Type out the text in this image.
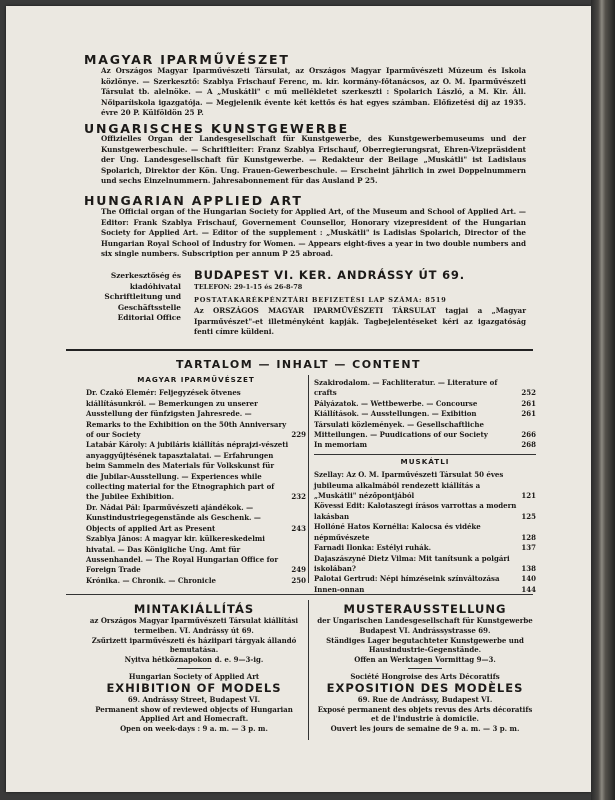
MAGYAR IPARMŰVÉSZET
Az Országos Magyar Iparművészeti Társulat, az Országos Magyar Iparművészeti Múzeum és Iskola közlönye. — Szerkesztő: Szablya Frischauf Ferenc, m. kir. kormány-főtanácsos, az O. M. Iparművészeti Társulat tb. alelnöke. — A „Muskátli" c mű mellékletet szerkeszti : Spolarich László, a M. Kir. Áll. Nőiparíiskola igazgatója. — Megjelenik évente két kettős és hat egyes számban. Előfizetési díj az 1935. évre 20 P. Külföldön 25 P.
UNGARISCHES KUNSTGEWERBE
Offizielles Organ der Landesgesellschaft für Kunstgewerbe, des Kunstgewerbemuseums und der Kunstgewerbeschule. — Schriftleiter: Franz Szablya Frischauf, Oberregierungsrat, Ehren-Vizepräsident der Ung. Landesgesellschaft für Kunstgewerbe. — Redakteur der Beilage „Muskátli" ist Ladislaus Spolarich, Direktor der Kön. Ung. Frauen-Gewerbeschule. — Erscheint jährlich in zwei Doppelnummern und sechs Einzelnummern. Jahresabonnement für das Ausland P 25.
HUNGARIAN APPLIED ART
The Official organ of the Hungarian Society for Applied Art, of the Museum and School of Applied Art. — Editor: Frank Szablya Frischauf, Governement Counsellor, Honorary vizepresident of the Hungarian Society for Applied Art. — Editor of the supplement : „Muskátli" is Ladislas Spolarich, Director of the Hungarian Royal School of Industry for Women. — Appears eight-fives a year in two double numbers and six single numbers. Subscription per annum P 25 abroad.
Szerkesztőség és kiadóhivatal
Schriftleitung und Geschäftsstelle
Editorial Office
BUDAPEST VI. KER. ANDRÁSSY ÚT 69.
TELEFON: 29-1-15 és 26-8-78
POSTATAKARÉKPÉNZTÁRI BEFIZETÉSI LAP SZÁMA: 8519
Az ORSZÁGOS MAGYAR IPARMŰVÉSZETI TÁRSULAT tagjai a „Magyar Iparművészet"-et illetményként kapják. Tagbejelentéseket kéri az igazgatóság fenti címre küldeni.
TARTALOM — INHALT — CONTENT
MAGYAR IPARMŰVÉSZET
Dr. Czakó Elemér: Feljegyzések ötvenes kiállításunkról. — Bemerkungen zu unserer Ausstellung der fünfzigsten Jahresrede. — Remarks to the Exhibition on the 50th Anniversary of our Society	229
Latabár Károly: A jubiláris kiállítás néprajzi-vészeti anyaggyűjtésének tapasztalatai. — Erfahrungen beim Sammeln des Materials für Volkskunst für die Jubilar-Ausstellung. — Experiences while collecting material for the Etnographich part of the Jubilee Exhibition.	232
Dr. Nádai Pál: Iparművészeti ajándékok. — Kunstindustriegegenstände als Geschenk. — Objects of applied Art as Present	243
Szablya János: A magyar kir. külkereskedelmi hivatal. — Das Königliche Ung. Amt für Aussenhandel. — The Royal Hungarian Office for Foreign Trade	249
Krónika. — Chronik. — Chronicle	250
Szakirodalom. — Fachliteratur. — Literature of crafts	252
Pályázatok. — Wettbewerbe. — Concourse	261
Kiállítások. — Ausstellungen. — Exibition	261
Társulati közlemények. — Gesellschaftliche Mitteilungen. — Puudications of our Society	266
In memoriam	268
MUSKÁTLI
Szellay: Az O. M. Iparművészeti Társulat 50 éves jubileuma alkalmából rendezett kiállítás a „Muskátli" nézőpontjából	121
Kövessi Edit: Kalotaszegi írásos varrottas a modern lakásban	125
Hollóné Hatos Kornélia: Kalocsa és vidéke népművészete	128
Farnadi Ilonka: Estélyi ruhák.	137
Dajaszászyné Dietz Vilma: Mit tanítsunk a polgári iskolában?	138
Palotai Gertrud: Népi hímzéseink színváltozása	140
Innen-onnan	144
MINTAKIÁLLÍTÁS
az Országos Magyar Iparművészeti Társulat kiállítási termeiben. VI. Andrássy út 69.
Zsűrizett iparművészeti és háziipari tárgyak állandó bemutatása.
Nyitva hétköznapokon d. e. 9—3-ig.
Hungarian Society of Applied Art
EXHIBITION OF MODELS
69. Andrássy Street, Budapest VI.
Permanent show of reviewed objects of Hungarian Applied Art and Homecraft.
Open on week-days : 9 a. m. — 3 p. m.
MUSTERAUSSTELLUNG
der Ungarischen Landesgesellschaft für Kunstgewerbe Budapest VI. Andrássystrasse 69.
Ständiges Lager begutachteter Kunstgewerbe und Hausindustrie-Gegenstände.
Offen an Werktagen Vormittag 9—3.
Société Hongroise des Arts Décoratifs
EXPOSITION DES MODÈLES
69. Rue de Andrássy, Budapest VI.
Exposé permanent des objets revus des Arts décoratifs et de l'industrie à domicile.
Ouvert les jours de semaine de 9 a. m. — 3 p. m.
